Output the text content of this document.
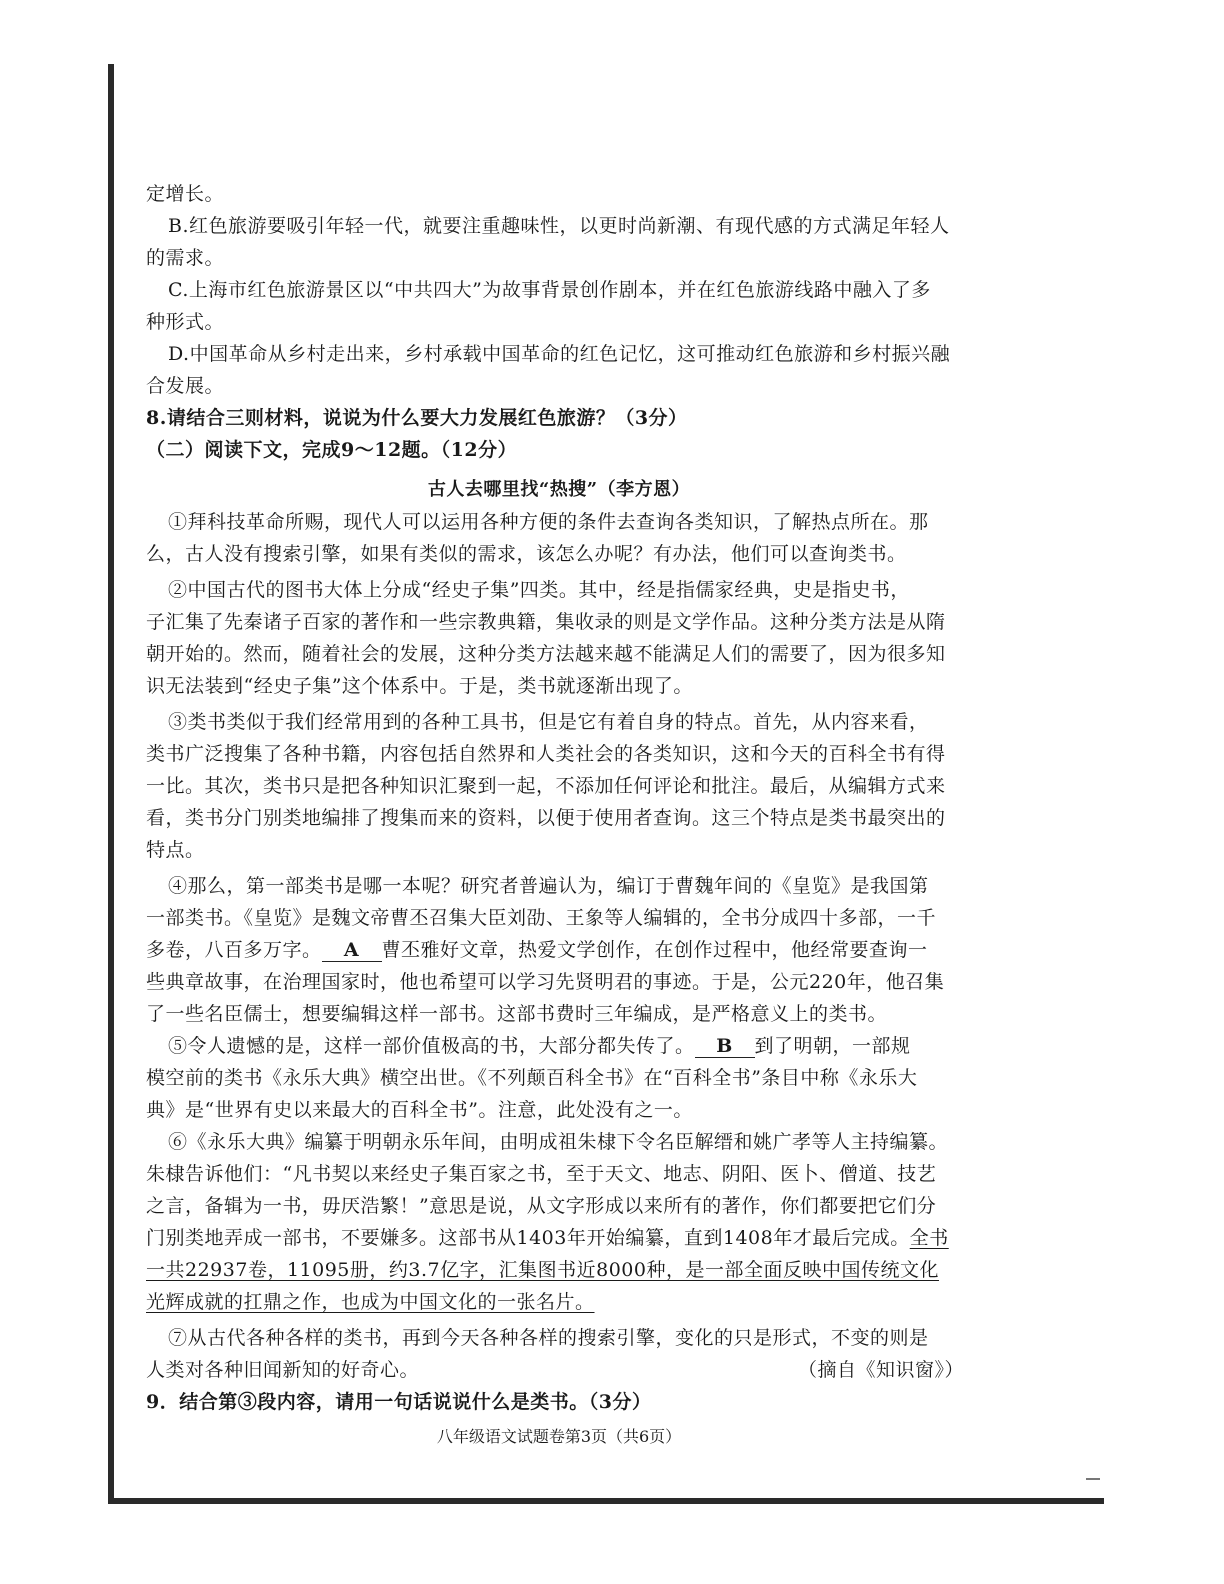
定增长。
B.红色旅游要吸引年轻一代，就要注重趣味性，以更时尚新潮、有现代感的方式满足年轻人
的需求。
C.上海市红色旅游景区以“中共四大”为故事背景创作剧本，并在红色旅游线路中融入了多
种形式。
D.中国革命从乡村走出来，乡村承载中国革命的红色记忆，这可推动红色旅游和乡村振兴融
合发展。
8.请结合三则材料，说说为什么要大力发展红色旅游？（3分）
（二）阅读下文，完成9～12题。（12分）
古人去哪里找“热搜”（李方恩）
①拜科技革命所赐，现代人可以运用各种方便的条件去查询各类知识，了解热点所在。那
么，古人没有搜索引擎，如果有类似的需求，该怎么办呢？有办法，他们可以查询类书。
②中国古代的图书大体上分成“经史子集”四类。其中，经是指儒家经典，史是指史书，
子汇集了先秦诸子百家的著作和一些宗教典籍，集收录的则是文学作品。这种分类方法是从隋
朝开始的。然而，随着社会的发展，这种分类方法越来越不能满足人们的需要了，因为很多知
识无法装到“经史子集”这个体系中。于是，类书就逐渐出现了。
③类书类似于我们经常用到的各种工具书，但是它有着自身的特点。首先，从内容来看，
类书广泛搜集了各种书籍，内容包括自然界和人类社会的各类知识，这和今天的百科全书有得
一比。其次，类书只是把各种知识汇聚到一起，不添加任何评论和批注。最后，从编辑方式来
看，类书分门别类地编排了搜集而来的资料，以便于使用者查询。这三个特点是类书最突出的
特点。
④那么，第一部类书是哪一本呢？研究者普遍认为，编订于曹魏年间的《皇览》是我国第
一部类书。《皇览》是魏文帝曹丕召集大臣刘劭、王象等人编辑的，全书分成四十多部，一千
多卷，八百多万字。 A 曹丕雅好文章，热爱文学创作，在创作过程中，他经常要查询一
些典章故事，在治理国家时，他也希望可以学习先贤明君的事迹。于是，公元220年，他召集
了一些名臣儒士，想要编辑这样一部书。这部书费时三年编成，是严格意义上的类书。
⑤令人遗憾的是，这样一部价值极高的书，大部分都失传了。 B 到了明朝，一部规
模空前的类书《永乐大典》横空出世。《不列颠百科全书》在“百科全书”条目中称《永乐大
典》是“世界有史以来最大的百科全书”。注意，此处没有之一。
⑥《永乐大典》编纂于明朝永乐年间，由明成祖朱棣下令名臣解缙和姚广孝等人主持编纂。
朱棣告诉他们：“凡书契以来经史子集百家之书，至于天文、地志、阴阳、医卜、僧道、技艺
之言，备辑为一书，毋厌浩繁！”意思是说，从文字形成以来所有的著作，你们都要把它们分
门别类地弄成一部书，不要嫌多。这部书从1403年开始编纂，直到1408年才最后完成。全书
一共22937卷，11095册，约3.7亿字，汇集图书近8000种，是一部全面反映中国传统文化
光辉成就的扛鼎之作，也成为中国文化的一张名片。
⑦从古代各种各样的类书，再到今天各种各样的搜索引擎，变化的只是形式，不变的则是
人类对各种旧闻新知的好奇心。	（摘自《知识窗》）
9．结合第③段内容，请用一句话说说什么是类书。（3分）
八年级语文试题卷第3页（共6页）
